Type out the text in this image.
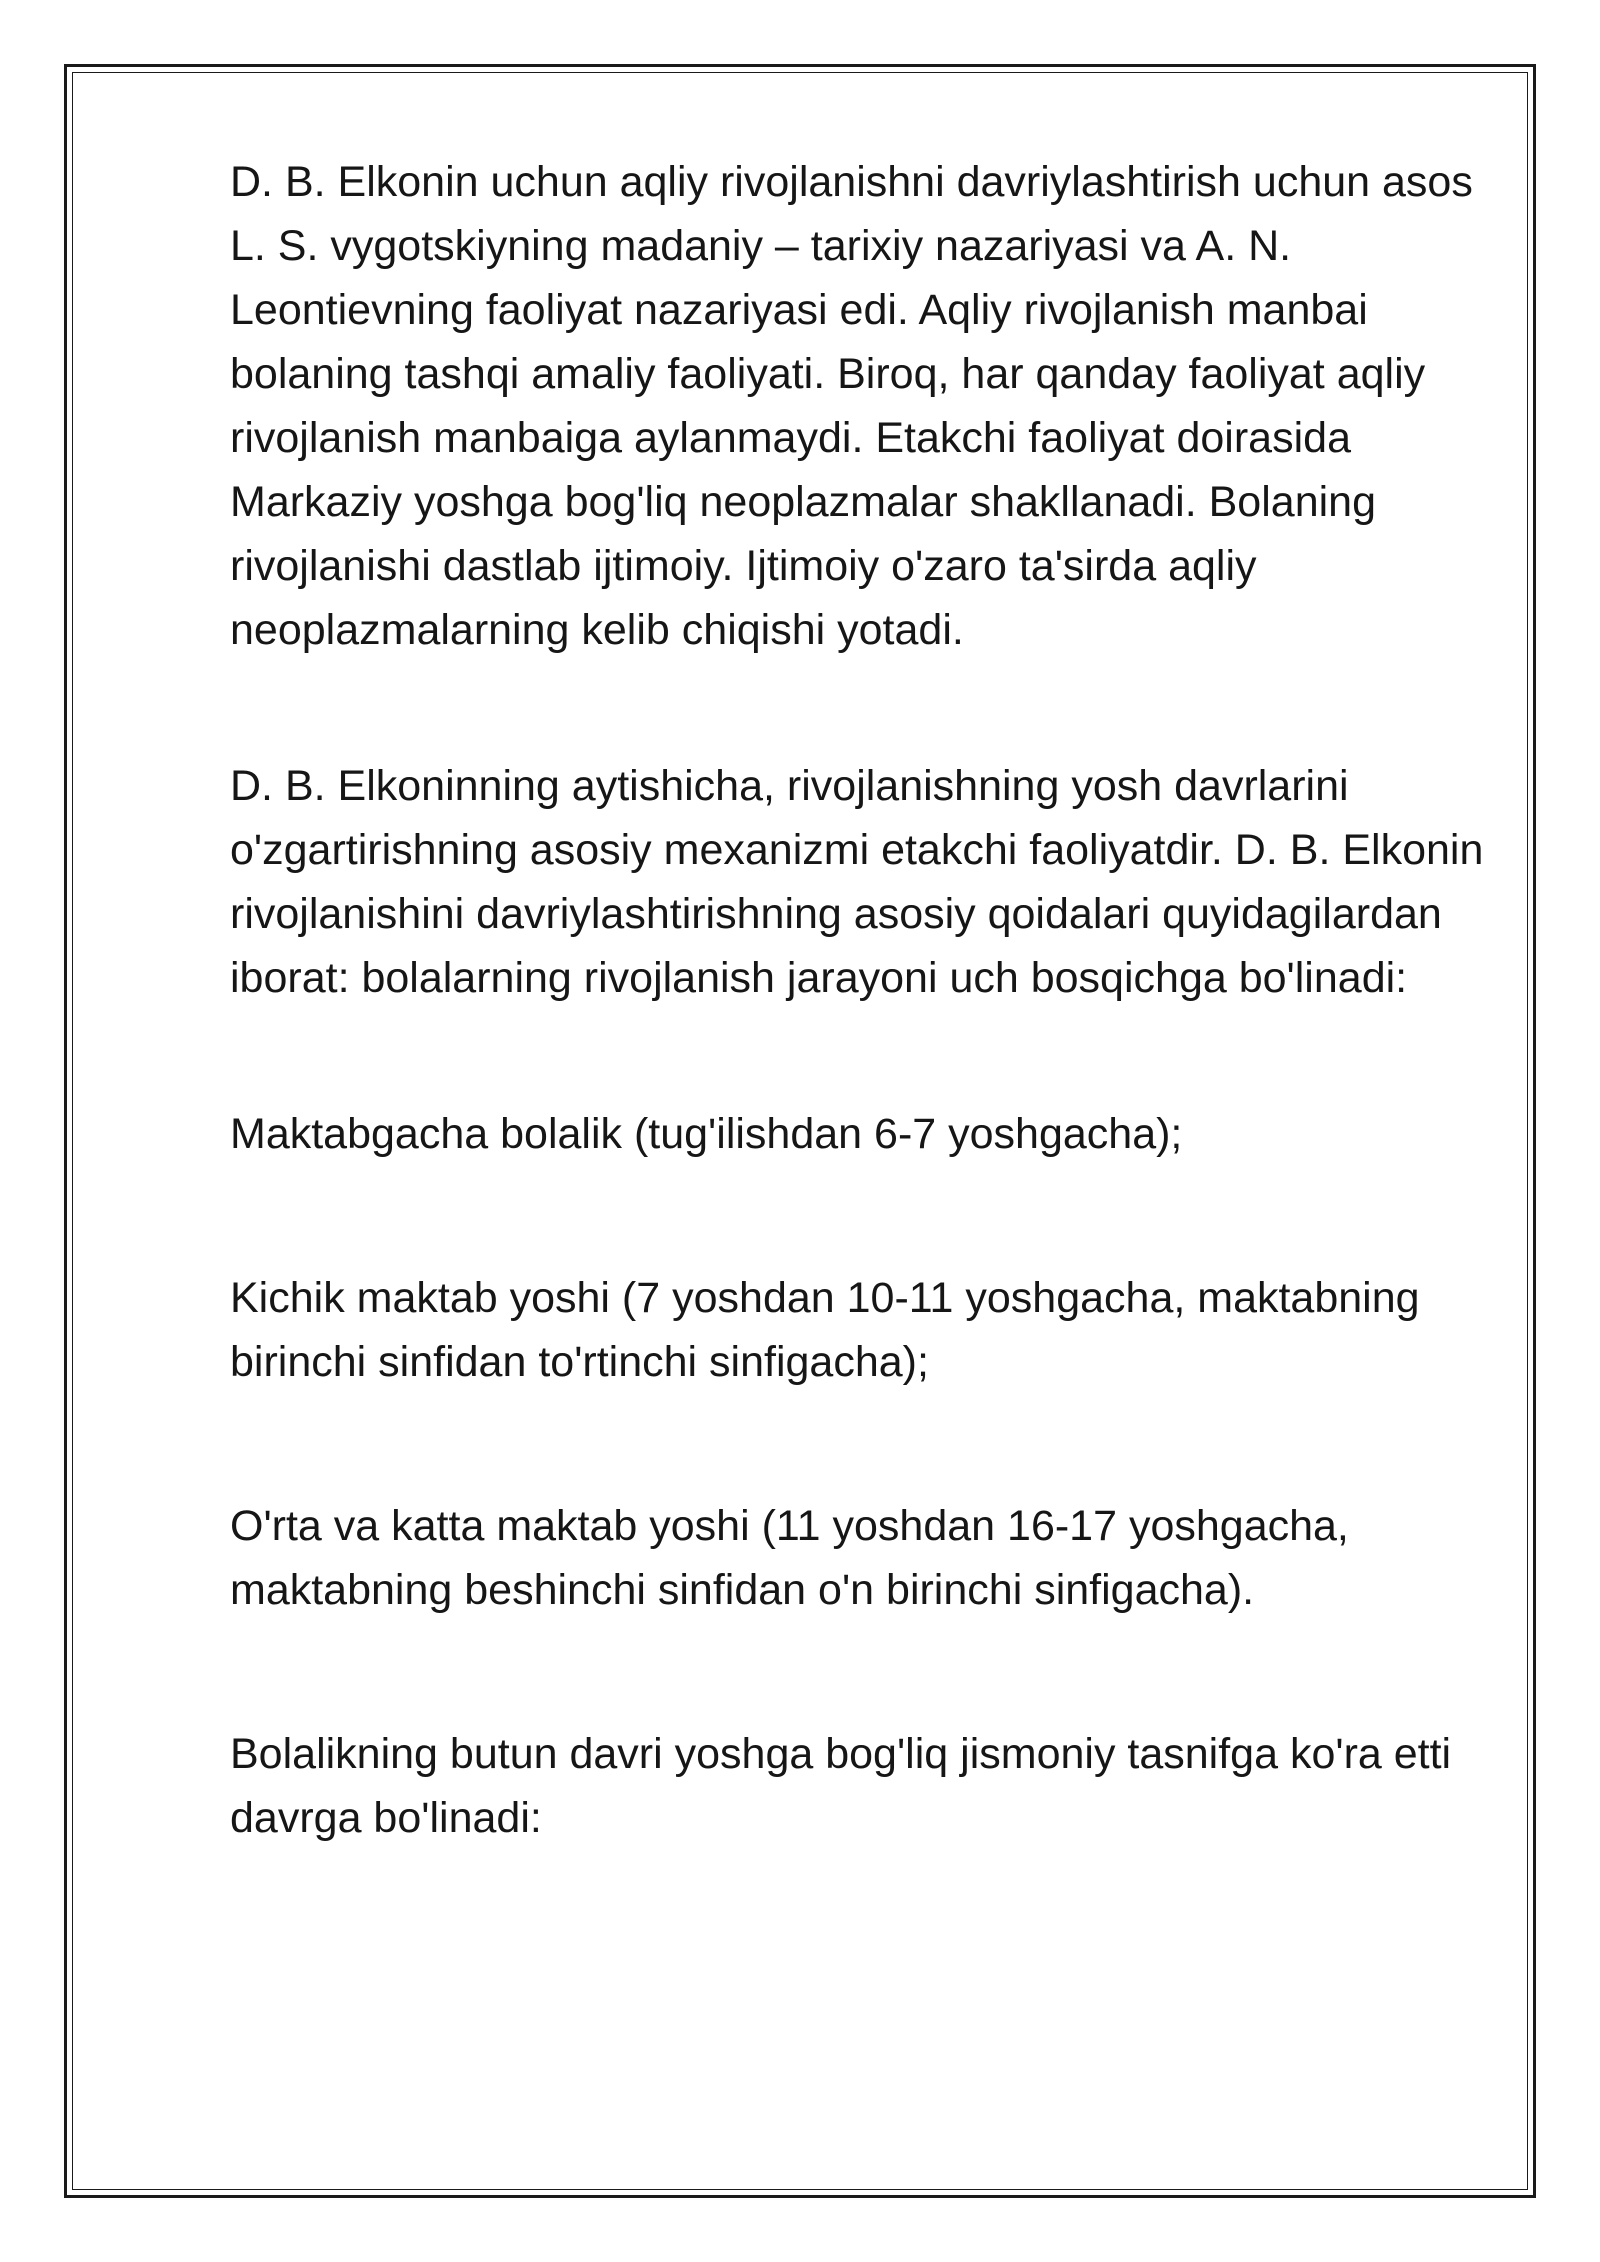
D. B. Elkonin uchun aqliy rivojlanishni davriylashtirish uchun asos L. S. vygotskiyning madaniy – tarixiy nazariyasi va A. N. Leontievning faoliyat nazariyasi edi. Aqliy rivojlanish manbai bolaning tashqi amaliy faoliyati. Biroq, har qanday faoliyat aqliy rivojlanish manbaiga aylanmaydi. Etakchi faoliyat doirasida Markaziy yoshga bog'liq neoplazmalar shakllanadi. Bolaning rivojlanishi dastlab ijtimoiy. Ijtimoiy o'zaro ta'sirda aqliy neoplazmalarning kelib chiqishi yotadi.

D. B. Elkoninning aytishicha, rivojlanishning yosh davrlarini o'zgartirishning asosiy mexanizmi etakchi faoliyatdir. D. B. Elkonin rivojlanishini davriylashtirishning asosiy qoidalari quyidagilardan iborat: bolalarning rivojlanish jarayoni uch bosqichga bo'linadi:

Maktabgacha bolalik (tug'ilishdan 6-7 yoshgacha);

Kichik maktab yoshi (7 yoshdan 10-11 yoshgacha, maktabning birinchi sinfidan to'rtinchi sinfigacha);

O'rta va katta maktab yoshi (11 yoshdan 16-17 yoshgacha, maktabning beshinchi sinfidan o'n birinchi sinfigacha).

Bolalikning butun davri yoshga bog'liq jismoniy tasnifga ko'ra etti davrga bo'linadi:
